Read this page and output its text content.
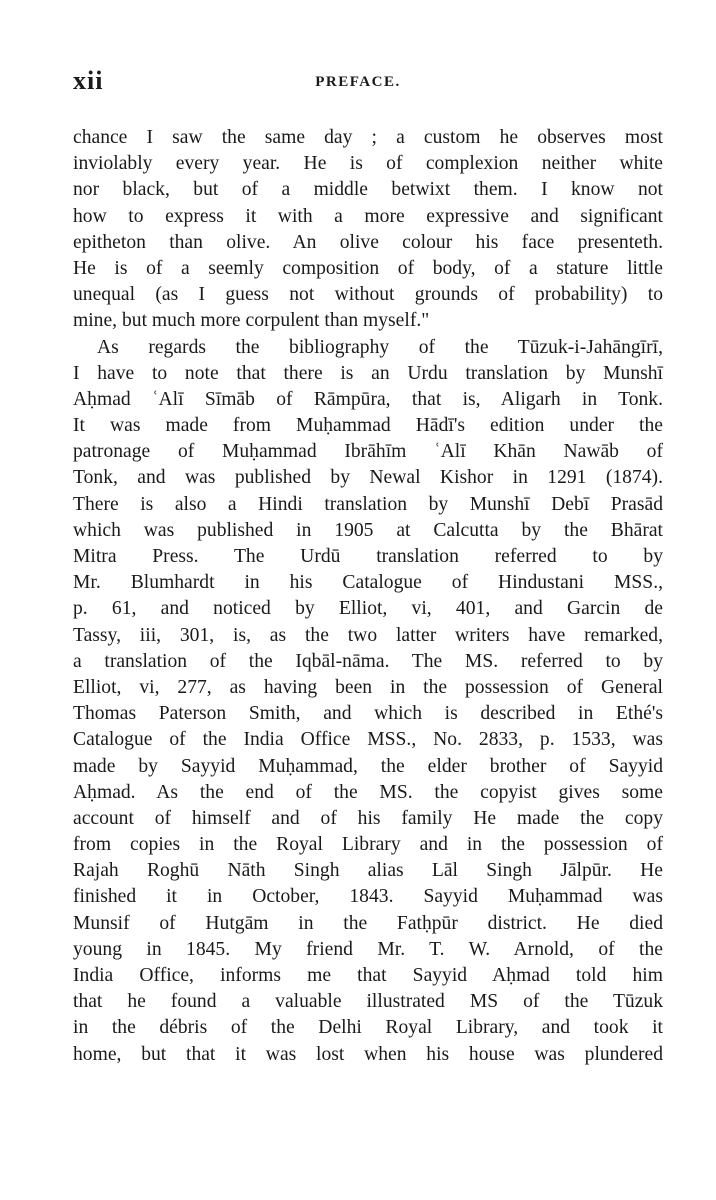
xii	PREFACE.
chance I saw the same day ; a custom he observes most
inviolably every year. He is of complexion neither white
nor black, but of a middle betwixt them. I know not
how to express it with a more expressive and significant
epitheton than olive. An olive colour his face presenteth.
He is of a seemly composition of body, of a stature little
unequal (as I guess not without grounds of probability) to
mine, but much more corpulent than myself."
As regards the bibliography of the Tūzuk-i-Jahāngīrī,
I have to note that there is an Urdu translation by Munshī
Aḥmad ʿAlī Sīmāb of Rāmpūra, that is, Aligarh in Tonk.
It was made from Muḥammad Hādī's edition under the
patronage of Muḥammad Ibrāhīm ʿAlī Khān Nawāb of
Tonk, and was published by Newal Kishor in 1291 (1874).
There is also a Hindi translation by Munshī Debī Prasād
which was published in 1905 at Calcutta by the Bhārat
Mitra Press. The Urdū translation referred to by
Mr. Blumhardt in his Catalogue of Hindustani MSS.,
p. 61, and noticed by Elliot, vi, 401, and Garcin de
Tassy, iii, 301, is, as the two latter writers have remarked,
a translation of the Iqbāl-nāma. The MS. referred to by
Elliot, vi, 277, as having been in the possession of General
Thomas Paterson Smith, and which is described in Ethé's
Catalogue of the India Office MSS., No. 2833, p. 1533, was
made by Sayyid Muḥammad, the elder brother of Sayyid
Aḥmad. As the end of the MS. the copyist gives some
account of himself and of his family He made the copy
from copies in the Royal Library and in the possession of
Rajah Roghū Nāth Singh alias Lāl Singh Jālpūr. He
finished it in October, 1843. Sayyid Muḥammad was
Munsif of Hutgām in the Fatḥpūr district. He died
young in 1845. My friend Mr. T. W. Arnold, of the
India Office, informs me that Sayyid Aḥmad told him
that he found a valuable illustrated MS of the Tūzuk
in the débris of the Delhi Royal Library, and took it
home, but that it was lost when his house was plundered
